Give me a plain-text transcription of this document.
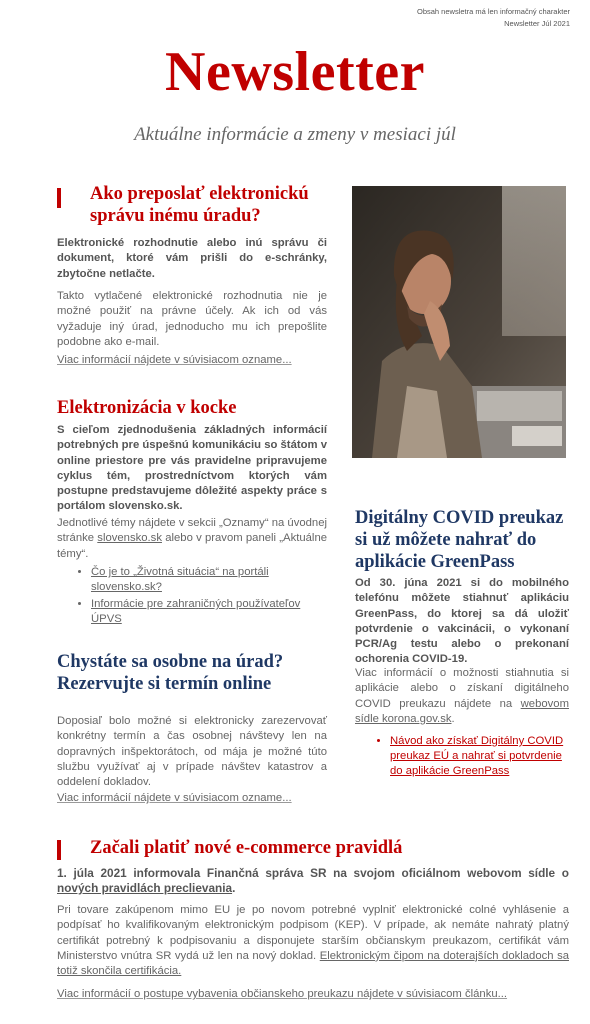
Obsah newsletra má len informačný charakter
Newsletter Júl 2021
Newsletter
Aktuálne informácie a zmeny v mesiaci júl
Ako preposlať elektronickú
správu inému úradu?
Elektronické rozhodnutie alebo inú správu či dokument, ktoré vám prišli do e-schránky, zbytočne netlačte.
Takto vytlačené elektronické rozhodnutia nie je možné použiť na právne účely. Ak ich od vás vyžaduje iný úrad, jednoducho mu ich prepošlite podobne ako e-mail.
Viac informácií nájdete v súvisiacom ozname...
Elektronizácia v kocke
S cieľom zjednodušenia základných informácií potrebných pre úspešnú komunikáciu so štátom v online priestore pre vás pravidelne pripravujeme cyklus tém, prostredníctvom ktorých vám postupne predstavujeme dôležité aspekty práce s portálom slovensko.sk.
Jednotlivé témy nájdete v sekcii „Oznamy“ na úvodnej stránke slovensko.sk alebo v pravom paneli „Aktuálne témy“.
• Čo je to „Životná situácia“ na portáli slovensko.sk?
• Informácie pre zahraničných používateľov ÚPVS
Chystáte sa osobne na úrad?
Rezervujte si termín online
Doposiaľ bolo možné si elektronicky zarezervovať konkrétny termín a čas osobnej návštevy len na dopravných inšpektorátoch, od mája je možné túto službu využívať aj v prípade návštev katastrov a oddelení dokladov.
Viac informácií nájdete v súvisiacom ozname...
Digitálny COVID preukaz
si už môžete nahrať do
aplikácie GreenPass
Od 30. júna 2021 si do mobilného telefónu môžete stiahnuť aplikáciu GreenPass, do ktorej sa dá uložiť potvrdenie o vakcinácii, o vykonaní PCR/Ag testu alebo o prekonaní ochorenia COVID-19.
Viac informácií o možnosti stiahnutia si aplikácie alebo o získaní digitálneho COVID preukazu nájdete na webovom sídle korona.gov.sk.
• Návod ako získať Digitálny COVID preukaz EÚ a nahrať si potvrdenie do aplikácie GreenPass
Začali platiť nové e-commerce pravidlá
1. júla 2021 informovala Finančná správa SR na svojom oficiálnom webovom sídle o nových pravidlách preclievania.
Pri tovare zakúpenom mimo EU je po novom potrebné vyplniť elektronické colné vyhlásenie a podpísať ho kvalifikovaným elektronickým podpisom (KEP). V prípade, ak nemáte nahratý platný certifikát potrebný k podpisovaniu a disponujete starším občianskym preukazom, certifikát vám Ministerstvo vnútra SR vydá už len na nový doklad. Elektronickým čipom na doterajších dokladoch sa totiž skončila certifikácia.
Viac informácií o postupe vybavenia občianskeho preukazu nájdete v súvisiacom článku...
